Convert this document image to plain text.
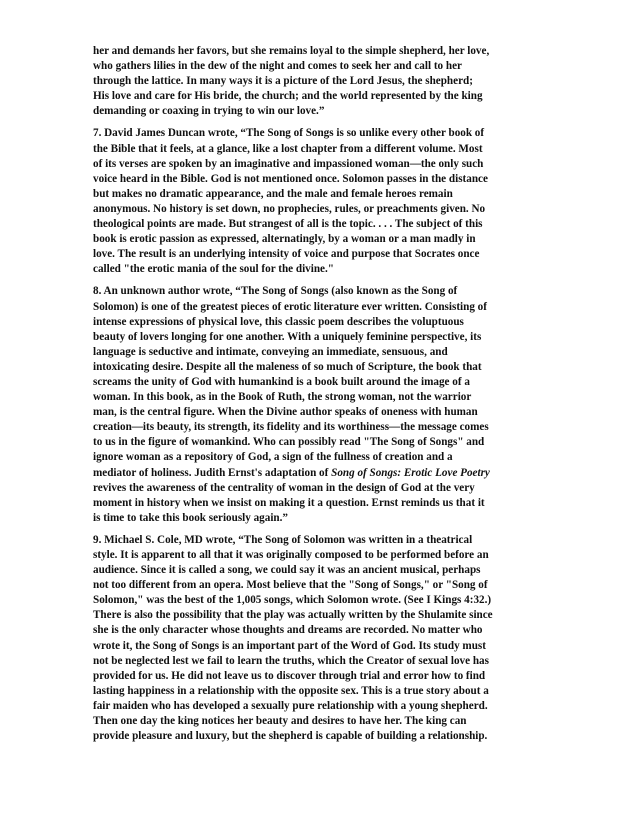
her and demands her favors, but she remains loyal to the simple shepherd, her love,
who gathers lilies in the dew of the night and comes to seek her and call to her
through the lattice. In many ways it is a picture of the Lord Jesus, the shepherd;
His love and care for His bride, the church; and the world represented by the king
demanding or coaxing in trying to win our love.”
7. David James Duncan wrote, “The Song of Songs is so unlike every other book of
the Bible that it feels, at a glance, like a lost chapter from a different volume. Most
of its verses are spoken by an imaginative and impassioned woman—the only such
voice heard in the Bible. God is not mentioned once. Solomon passes in the distance
but makes no dramatic appearance, and the male and female heroes remain
anonymous. No history is set down, no prophecies, rules, or preachments given. No
theological points are made. But strangest of all is the topic. . . . The subject of this
book is erotic passion as expressed, alternatingly, by a woman or a man madly in
love. The result is an underlying intensity of voice and purpose that Socrates once
called "the erotic mania of the soul for the divine."
8. An unknown author wrote, “The Song of Songs (also known as the Song of
Solomon) is one of the greatest pieces of erotic literature ever written. Consisting of
intense expressions of physical love, this classic poem describes the voluptuous
beauty of lovers longing for one another. With a uniquely feminine perspective, its
language is seductive and intimate, conveying an immediate, sensuous, and
intoxicating desire. Despite all the maleness of so much of Scripture, the book that
screams the unity of God with humankind is a book built around the image of a
woman. In this book, as in the Book of Ruth, the strong woman, not the warrior
man, is the central figure. When the Divine author speaks of oneness with human
creation—its beauty, its strength, its fidelity and its worthiness—the message comes
to us in the figure of womankind. Who can possibly read "The Song of Songs" and
ignore woman as a repository of God, a sign of the fullness of creation and a
mediator of holiness. Judith Ernst's adaptation of Song of Songs: Erotic Love Poetry
revives the awareness of the centrality of woman in the design of God at the very
moment in history when we insist on making it a question. Ernst reminds us that it
is time to take this book seriously again.”
9. Michael S. Cole, MD wrote, “The Song of Solomon was written in a theatrical
style. It is apparent to all that it was originally composed to be performed before an
audience. Since it is called a song, we could say it was an ancient musical, perhaps
not too different from an opera. Most believe that the "Song of Songs," or "Song of
Solomon," was the best of the 1,005 songs, which Solomon wrote. (See I Kings 4:32.)
There is also the possibility that the play was actually written by the Shulamite since
she is the only character whose thoughts and dreams are recorded. No matter who
wrote it, the Song of Songs is an important part of the Word of God. Its study must
not be neglected lest we fail to learn the truths, which the Creator of sexual love has
provided for us. He did not leave us to discover through trial and error how to find
lasting happiness in a relationship with the opposite sex. This is a true story about a
fair maiden who has developed a sexually pure relationship with a young shepherd.
Then one day the king notices her beauty and desires to have her. The king can
provide pleasure and luxury, but the shepherd is capable of building a relationship.
